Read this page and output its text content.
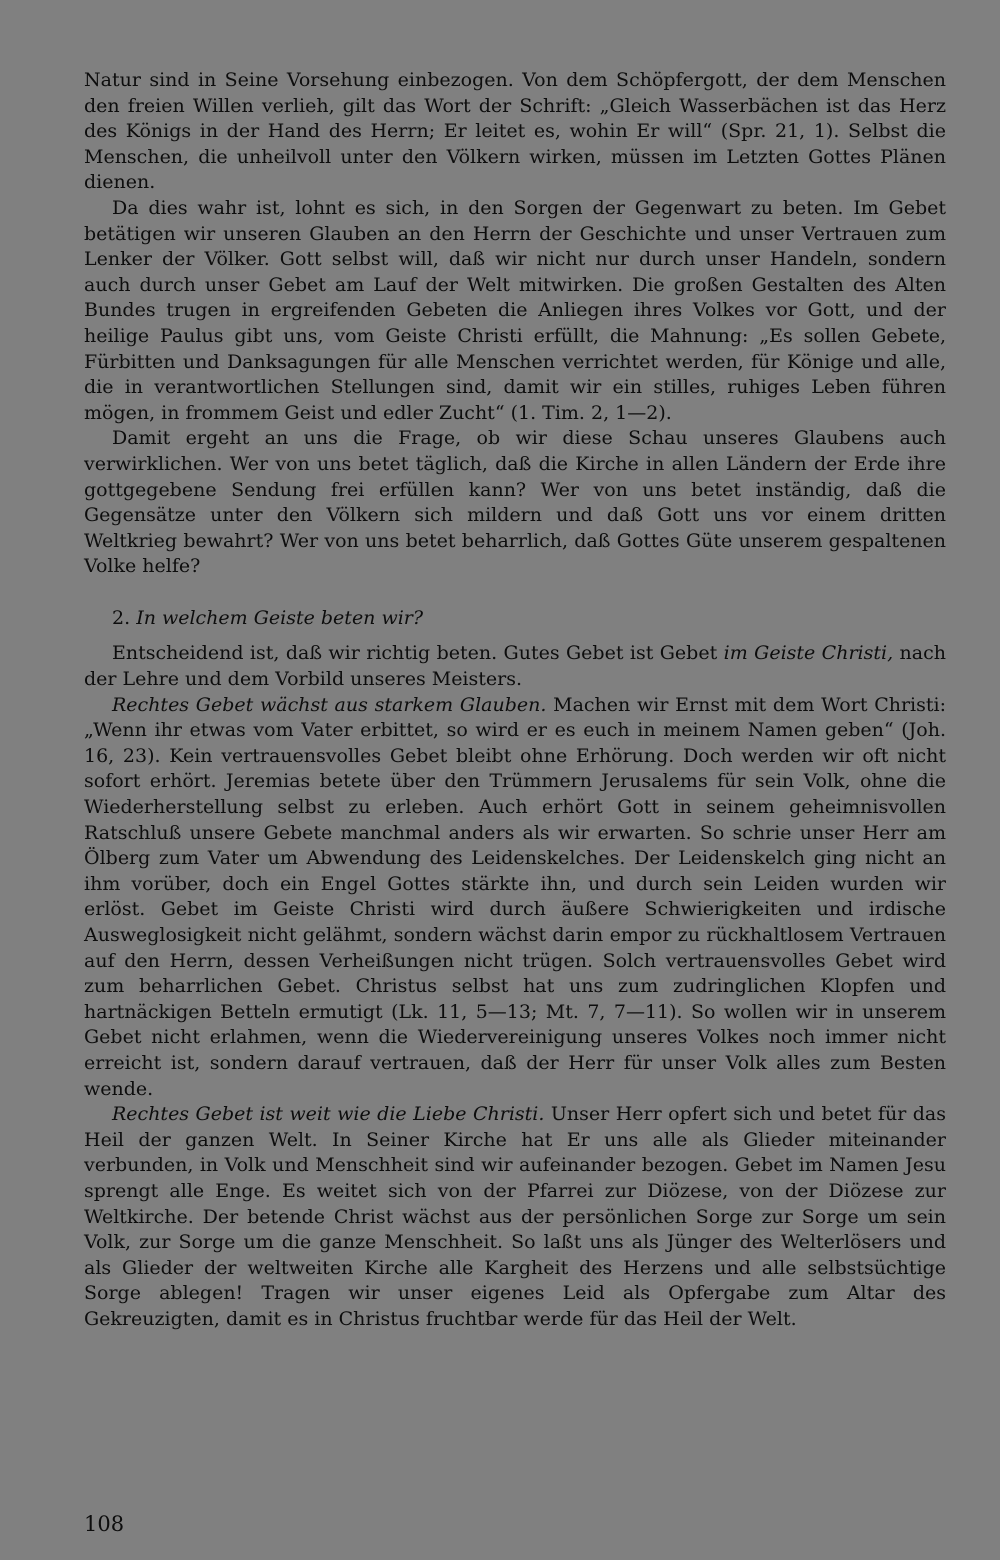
Natur sind in Seine Vorsehung einbezogen. Von dem Schöpfergott, der dem Menschen den freien Willen verlieh, gilt das Wort der Schrift: „Gleich Wasserbächen ist das Herz des Königs in der Hand des Herrn; Er leitet es, wohin Er will“ (Spr. 21, 1). Selbst die Menschen, die unheilvoll unter den Völkern wirken, müssen im Letzten Gottes Plänen dienen.

Da dies wahr ist, lohnt es sich, in den Sorgen der Gegenwart zu beten. Im Gebet betätigen wir unseren Glauben an den Herrn der Geschichte und unser Vertrauen zum Lenker der Völker. Gott selbst will, daß wir nicht nur durch unser Handeln, sondern auch durch unser Gebet am Lauf der Welt mitwirken. Die großen Gestalten des Alten Bundes trugen in ergreifenden Gebeten die Anliegen ihres Volkes vor Gott, und der heilige Paulus gibt uns, vom Geiste Christi erfüllt, die Mahnung: „Es sollen Gebete, Fürbitten und Danksagungen für alle Menschen verrichtet werden, für Könige und alle, die in verantwortlichen Stellungen sind, damit wir ein stilles, ruhiges Leben führen mögen, in frommem Geist und edler Zucht“ (1. Tim. 2, 1—2).

Damit ergeht an uns die Frage, ob wir diese Schau unseres Glaubens auch verwirklichen. Wer von uns betet täglich, daß die Kirche in allen Ländern der Erde ihre gottgegebene Sendung frei erfüllen kann? Wer von uns betet inständig, daß die Gegensätze unter den Völkern sich mildern und daß Gott uns vor einem dritten Weltkrieg bewahrt? Wer von uns betet beharrlich, daß Gottes Güte unserem gespaltenen Volke helfe?

2. In welchem Geiste beten wir?

Entscheidend ist, daß wir richtig beten. Gutes Gebet ist Gebet im Geiste Christi, nach der Lehre und dem Vorbild unseres Meisters.

Rechtes Gebet wächst aus starkem Glauben. Machen wir Ernst mit dem Wort Christi: „Wenn ihr etwas vom Vater erbittet, so wird er es euch in meinem Namen geben“ (Joh. 16, 23). Kein vertrauensvolles Gebet bleibt ohne Erhörung. Doch werden wir oft nicht sofort erhört. Jeremias betete über den Trümmern Jerusalems für sein Volk, ohne die Wiederherstellung selbst zu erleben. Auch erhört Gott in seinem geheimnisvollen Ratschluß unsere Gebete manchmal anders als wir erwarten. So schrie unser Herr am Ölberg zum Vater um Abwendung des Leidenskelches. Der Leidenskelch ging nicht an ihm vorüber, doch ein Engel Gottes stärkte ihn, und durch sein Leiden wurden wir erlöst. Gebet im Geiste Christi wird durch äußere Schwierigkeiten und irdische Ausweglosigkeit nicht gelähmt, sondern wächst darin empor zu rückhaltlosem Vertrauen auf den Herrn, dessen Verheißungen nicht trügen. Solch vertrauensvolles Gebet wird zum beharrlichen Gebet. Christus selbst hat uns zum zudringlichen Klopfen und hartnäckigen Betteln ermutigt (Lk. 11, 5—13; Mt. 7, 7—11). So wollen wir in unserem Gebet nicht erlahmen, wenn die Wiedervereinigung unseres Volkes noch immer nicht erreicht ist, sondern darauf vertrauen, daß der Herr für unser Volk alles zum Besten wende.

Rechtes Gebet ist weit wie die Liebe Christi. Unser Herr opfert sich und betet für das Heil der ganzen Welt. In Seiner Kirche hat Er uns alle als Glieder miteinander verbunden, in Volk und Menschheit sind wir aufeinander bezogen. Gebet im Namen Jesu sprengt alle Enge. Es weitet sich von der Pfarrei zur Diözese, von der Diözese zur Weltkirche. Der betende Christ wächst aus der persönlichen Sorge zur Sorge um sein Volk, zur Sorge um die ganze Menschheit. So laßt uns als Jünger des Welterlösers und als Glieder der weltweiten Kirche alle Kargheit des Herzens und alle selbstsüchtige Sorge ablegen! Tragen wir unser eigenes Leid als Opfergabe zum Altar des Gekreuzigten, damit es in Christus fruchtbar werde für das Heil der Welt.

108
